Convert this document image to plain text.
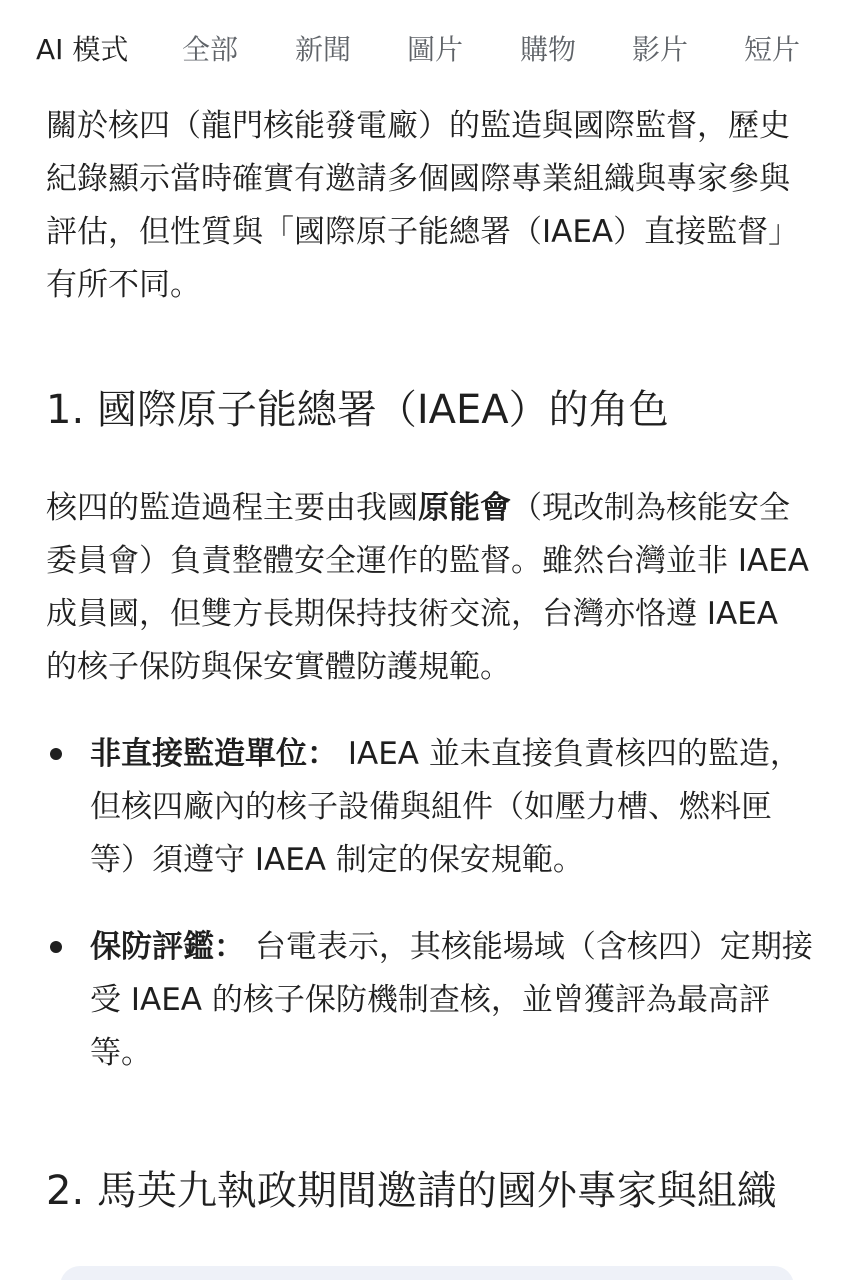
AI 模式 全部 新聞 圖片 購物 影片 短片

關於核四（龍門核能發電廠）的監造與國際監督，歷史紀錄顯示當時確實有邀請多個國際專業組織與專家參與評估，但性質與「國際原子能總署（IAEA）直接監督」有所不同。

1. 國際原子能總署（IAEA）的角色

核四的監造過程主要由我國原能會（現改制為核能安全委員會）負責整體安全運作的監督。雖然台灣並非 IAEA 成員國，但雙方長期保持技術交流，台灣亦恪遵 IAEA 的核子保防與保安實體防護規範。

非直接監造單位： IAEA 並未直接負責核四的監造，但核四廠內的核子設備與組件（如壓力槽、燃料匣等）須遵守 IAEA 制定的保安規範。
保防評鑑： 台電表示，其核能場域（含核四）定期接受 IAEA 的核子保防機制查核，並曾獲評為最高評等。
2. 馬英九執政期間邀請的國外專家與組織
